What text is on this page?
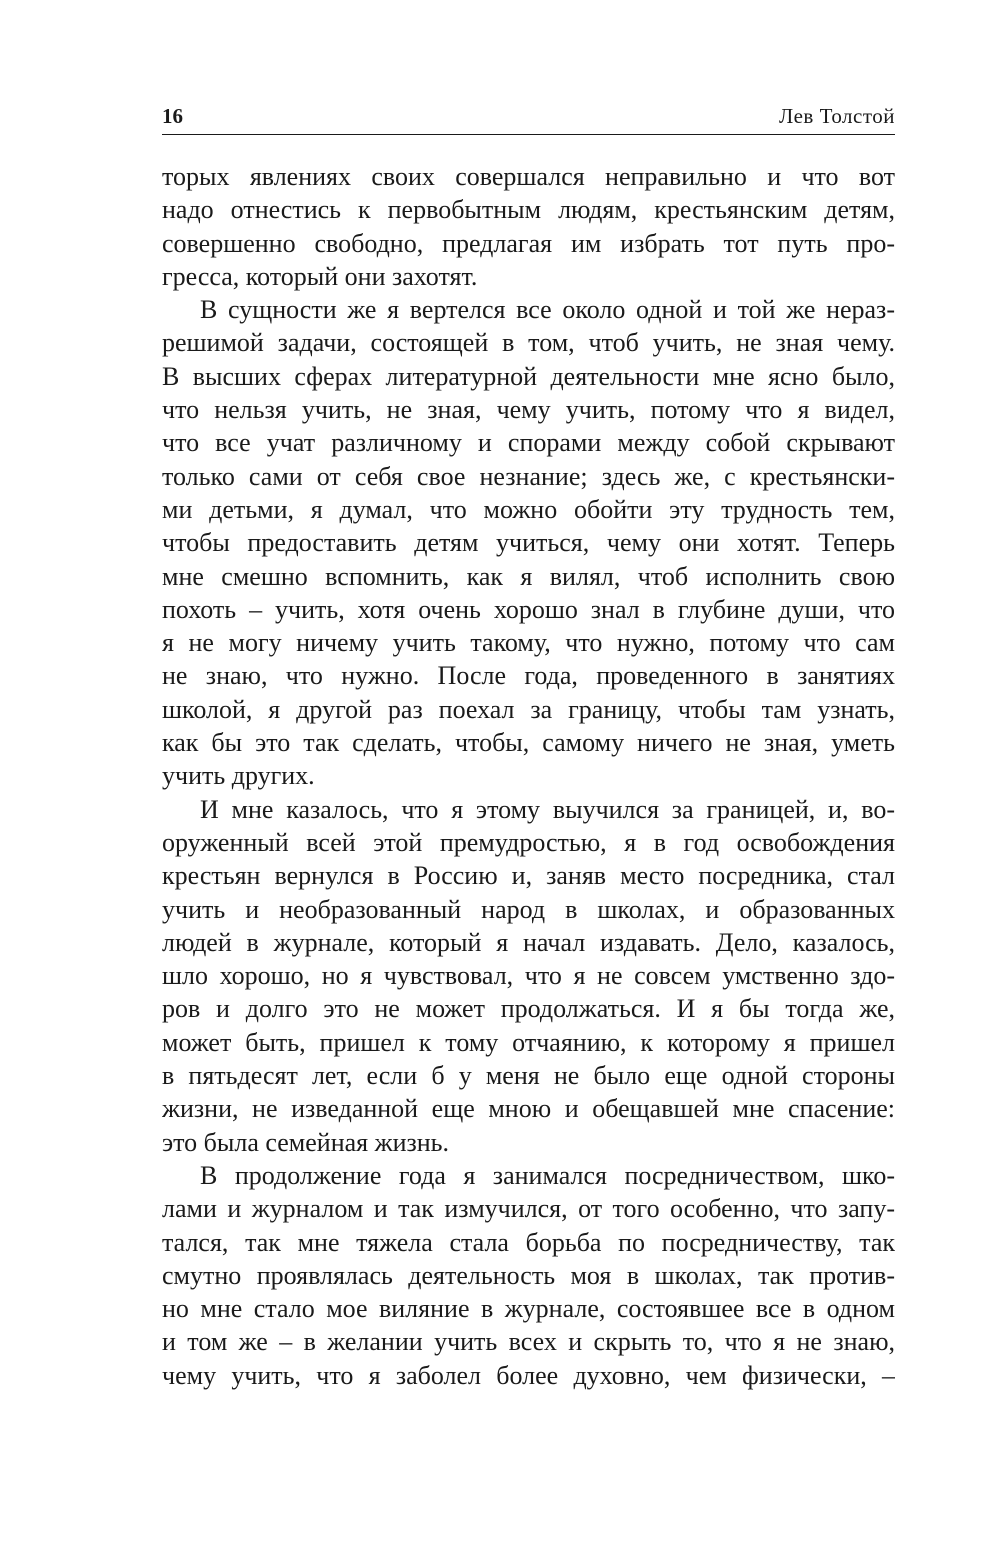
16	Лев Толстой
торых явлениях своих совершался неправильно и что вот
надо отнестись к первобытным людям, крестьянским детям,
совершенно свободно, предлагая им избрать тот путь про-
гресса, который они захотят.
В сущности же я вертелся все около одной и той же нераз-
решимой задачи, состоящей в том, чтоб учить, не зная чему.
В высших сферах литературной деятельности мне ясно было,
что нельзя учить, не зная, чему учить, потому что я видел,
что все учат различному и спорами между собой скрывают
только сами от себя свое незнание; здесь же, с крестьянски-
ми детьми, я думал, что можно обойти эту трудность тем,
чтобы предоставить детям учиться, чему они хотят. Теперь
мне смешно вспомнить, как я вилял, чтоб исполнить свою
похоть – учить, хотя очень хорошо знал в глубине души, что
я не могу ничему учить такому, что нужно, потому что сам
не знаю, что нужно. После года, проведенного в занятиях
школой, я другой раз поехал за границу, чтобы там узнать,
как бы это так сделать, чтобы, самому ничего не зная, уметь
учить других.
И мне казалось, что я этому выучился за границей, и, во-
оруженный всей этой премудростью, я в год освобождения
крестьян вернулся в Россию и, заняв место посредника, стал
учить и необразованный народ в школах, и образованных
людей в журнале, который я начал издавать. Дело, казалось,
шло хорошо, но я чувствовал, что я не совсем умственно здо-
ров и долго это не может продолжаться. И я бы тогда же,
может быть, пришел к тому отчаянию, к которому я пришел
в пятьдесят лет, если б у меня не было еще одной стороны
жизни, не изведанной еще мною и обещавшей мне спасение:
это была семейная жизнь.
В продолжение года я занимался посредничеством, шко-
лами и журналом и так измучился, от того особенно, что запу-
тался, так мне тяжела стала борьба по посредничеству, так
смутно проявлялась деятельность моя в школах, так против-
но мне стало мое виляние в журнале, состоявшее все в одном
и том же – в желании учить всех и скрыть то, что я не знаю,
чему учить, что я заболел более духовно, чем физически, –
